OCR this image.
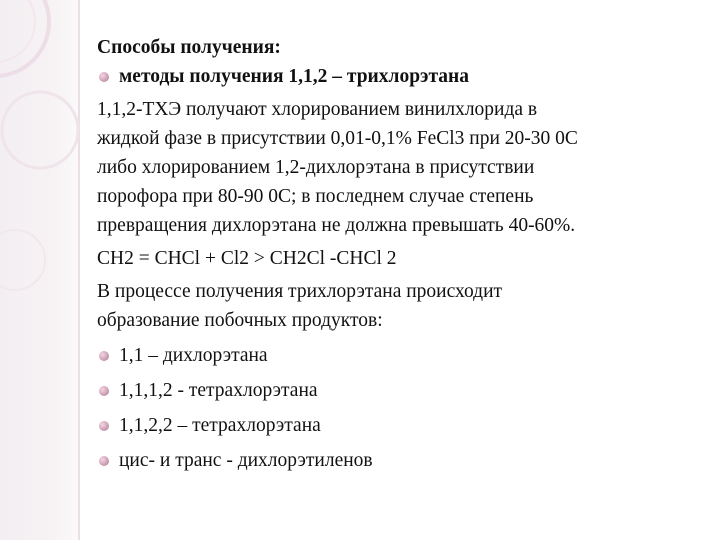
Способы получения:

методы получения 1,1,2 – трихлорэтана

1,1,2-ТХЭ получают хлорированием винилхлорида в

жидкой фазе в присутствии 0,01-0,1% FeCl3 при 20-30 0С

либо хлорированием 1,2-дихлорэтана в присутствии

порофора при 80-90 0С; в последнем случае степень

превращения дихлорэтана не должна превышать 40-60%.

CH2 = CHCl + Cl2 > CH2Cl -CHCl 2

В процессе получения трихлорэтана происходит

образование побочных продуктов:

1,1 – дихлорэтана
1,1,1,2 - тетрахлорэтана
1,1,2,2 – тетрахлорэтана
цис- и транс - дихлорэтиленов
